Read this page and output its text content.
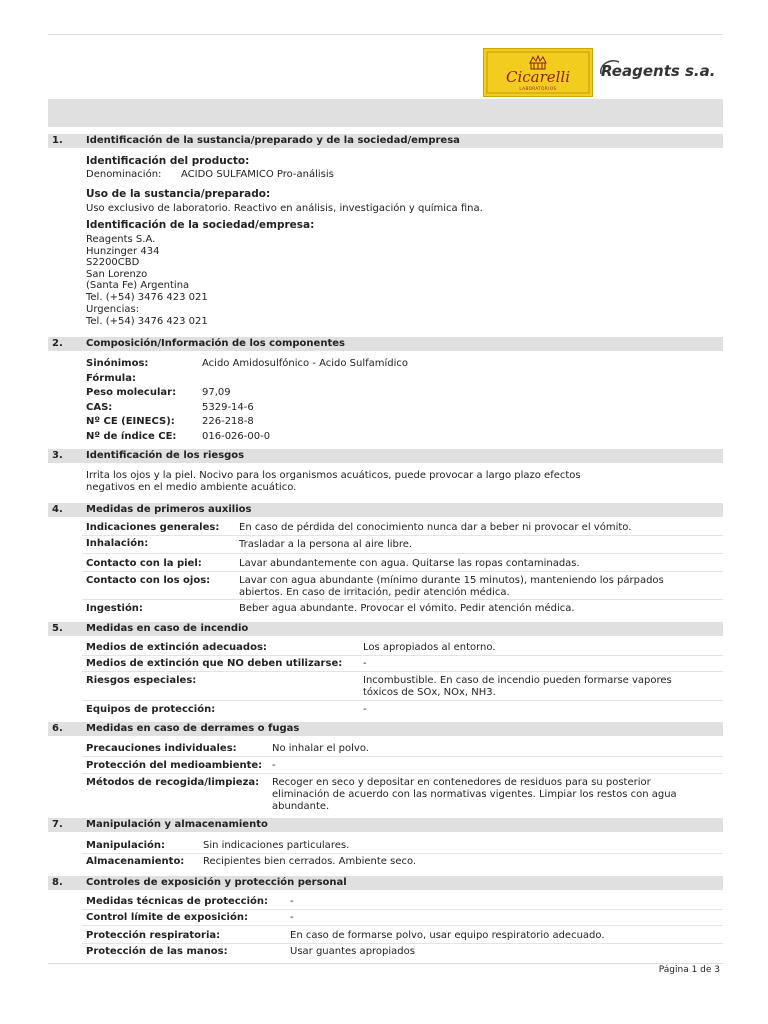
Cicarelli
LABORATORIOS
Reagents s.a.
1. Identificación de la sustancia/preparado y de la sociedad/empresa
Identificación del producto:
Denominación: ACIDO SULFAMICO Pro-análisis
Uso de la sustancia/preparado:
Uso exclusivo de laboratorio. Reactivo en análisis, investigación y química fina.
Identificación de la sociedad/empresa:
Reagents S.A.
Hunzinger 434
S2200CBD
San Lorenzo
(Santa Fe) Argentina
Tel. (+54) 3476 423 021
Urgencias:
Tel. (+54) 3476 423 021
2. Composición/Información de los componentes
Sinónimos:	Acido Amidosulfónico - Acido Sulfamídico
Fórmula:
Peso molecular:	97,09
CAS:	5329-14-6
Nº CE (EINECS):	226-218-8
Nº de índice CE:	016-026-00-0
3. Identificación de los riesgos
Irrita los ojos y la piel. Nocivo para los organismos acuáticos, puede provocar a largo plazo efectos
negativos en el medio ambiente acuático.
4. Medidas de primeros auxilios
Indicaciones generales: En caso de pérdida del conocimiento nunca dar a beber ni provocar el vómito.
Inhalación:	Trasladar a la persona al aire libre.
Contacto con la piel:	Lavar abundantemente con agua. Quitarse las ropas contaminadas.
Contacto con los ojos:	Lavar con agua abundante (mínimo durante 15 minutos), manteniendo los párpados abiertos. En caso de irritación, pedir atención médica.
Ingestión:	Beber agua abundante. Provocar el vómito. Pedir atención médica.
5. Medidas en caso de incendio
Medios de extinción adecuados:	Los apropiados al entorno.
Medios de extinción que NO deben utilizarse: -
Riesgos especiales:	Incombustible. En caso de incendio pueden formarse vapores tóxicos de SOx, NOx, NH3.
Equipos de protección:	-
6. Medidas en caso de derrames o fugas
Precauciones individuales:	No inhalar el polvo.
Protección del medioambiente: -
Métodos de recogida/limpieza: Recoger en seco y depositar en contenedores de residuos para su posterior eliminación de acuerdo con las normativas vigentes. Limpiar los restos con agua abundante.
7. Manipulación y almacenamiento
Manipulación:	Sin indicaciones particulares.
Almacenamiento: Recipientes bien cerrados. Ambiente seco.
8. Controles de exposición y protección personal
Medidas técnicas de protección: -
Control límite de exposición:	-
Protección respiratoria:	En caso de formarse polvo, usar equipo respiratorio adecuado.
Protección de las manos:	Usar guantes apropiados
Página 1 de 3
